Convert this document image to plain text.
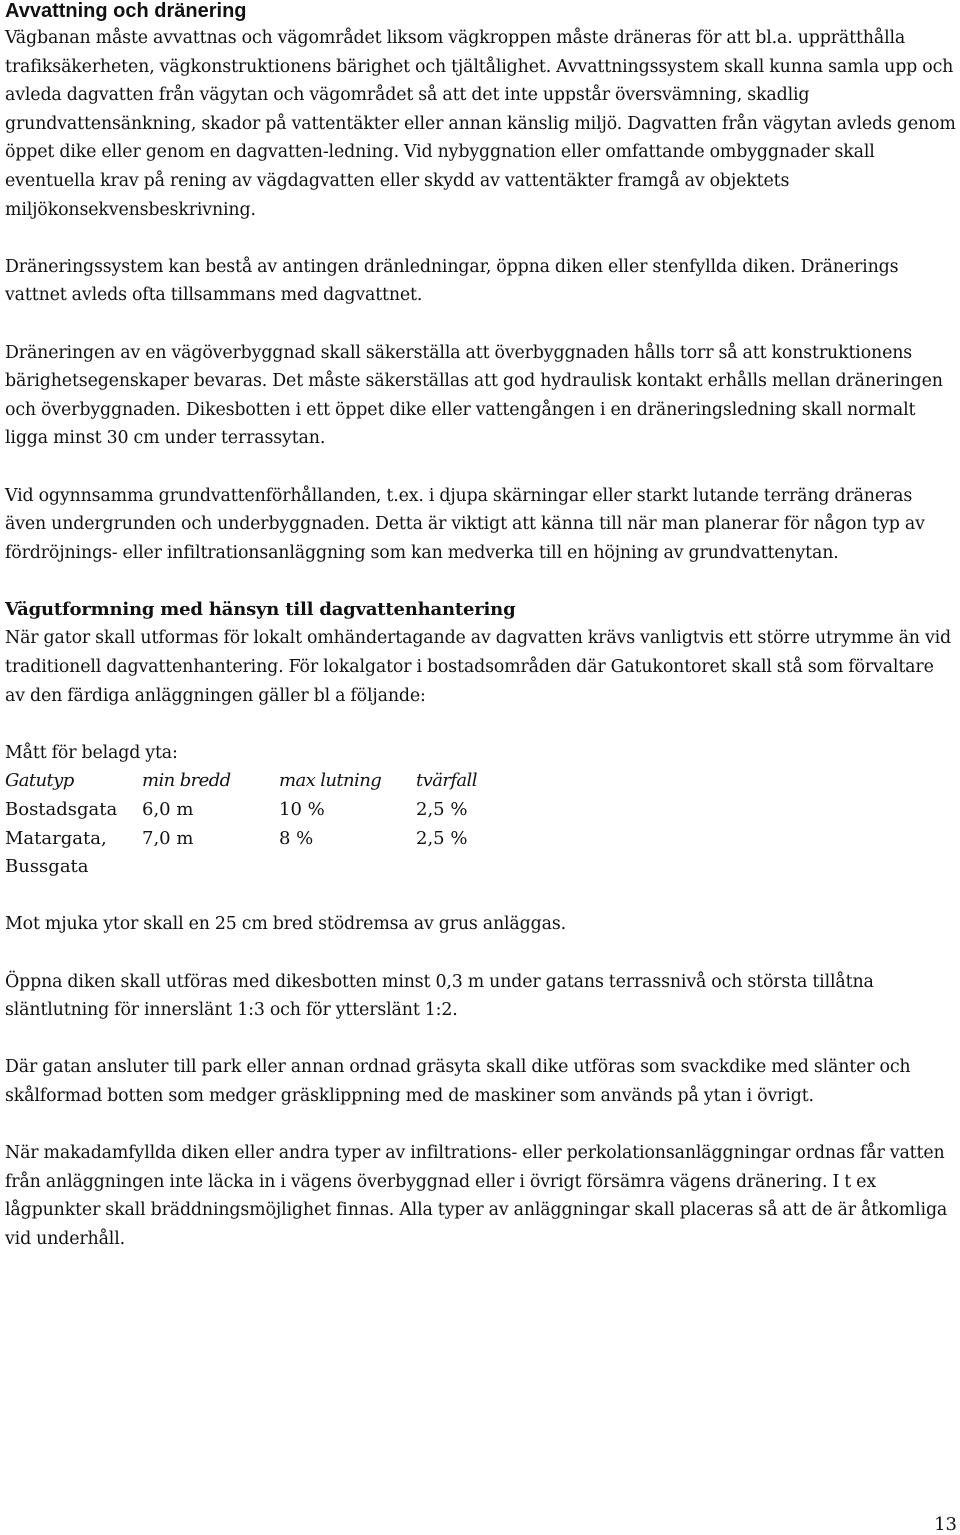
Avvattning och dränering

Vägbanan måste avvattnas och vägområdet liksom vägkroppen måste dräneras för att bl.a. upprätthålla trafiksäkerheten, vägkonstruktionens bärighet och tjältålighet. Avvattningssystem skall kunna samla upp och avleda dagvatten från vägytan och vägområdet så att det inte uppstår översvämning, skadlig grundvattensänkning, skador på vattentäkter eller annan känslig miljö. Dagvatten från vägytan avleds genom öppet dike eller genom en dagvatten-ledning. Vid nybyggnation eller omfattande ombyggnader skall eventuella krav på rening av vägdagvatten eller skydd av vattentäkter framgå av objektets miljökonsekvensbeskrivning.

Dräneringssystem kan bestå av antingen dränledningar, öppna diken eller stenfyllda diken. Dränerings vattnet avleds ofta tillsammans med dagvattnet.

Dräneringen av en vägöverbyggnad skall säkerställa att överbyggnaden hålls torr så att konstruktionens bärighetsegenskaper bevaras. Det måste säkerställas att god hydraulisk kontakt erhålls mellan dräneringen och överbyggnaden. Dikesbotten i ett öppet dike eller vattengången i en dräneringsledning skall normalt ligga minst 30 cm under terrassytan.

Vid ogynnsamma grundvattenförhållanden, t.ex. i djupa skärningar eller starkt lutande terräng dräneras även undergrunden och underbyggnaden. Detta är viktigt att känna till när man planerar för någon typ av fördröjnings- eller infiltrationsanläggning som kan medverka till en höjning av grundvattenytan.

Vägutformning med hänsyn till dagvattenhantering

När gator skall utformas för lokalt omhändertagande av dagvatten krävs vanligtvis ett större utrymme än vid traditionell dagvattenhantering. För lokalgator i bostadsområden där Gatukontoret skall stå som förvaltare av den färdiga anläggningen gäller bl a följande:

Mått för belagd yta:

Gatutyp	min bredd	max lutning	tvärfall
Bostadsgata	6,0 m	10 %	2,5 %
Matargata, Bussgata	7,0 m	8 %	2,5 %

Mot mjuka ytor skall en 25 cm bred stödremsa av grus anläggas.

Öppna diken skall utföras med dikesbotten minst 0,3 m under gatans terrassnivå och största tillåtna släntlutning för innerslänt 1:3 och för ytterslänt 1:2.

Där gatan ansluter till park eller annan ordnad gräsyta skall dike utföras som svackdike med slänter och skålformad botten som medger gräsklippning med de maskiner som används på ytan i övrigt.

När makadamfyllda diken eller andra typer av infiltrations- eller perkolationsanläggningar ordnas får vatten från anläggningen inte läcka in i vägens överbyggnad eller i övrigt försämra vägens dränering. I t ex lågpunkter skall bräddningsmöjlighet finnas. Alla typer av anläggningar skall placeras så att de är åtkomliga vid underhåll.

13
